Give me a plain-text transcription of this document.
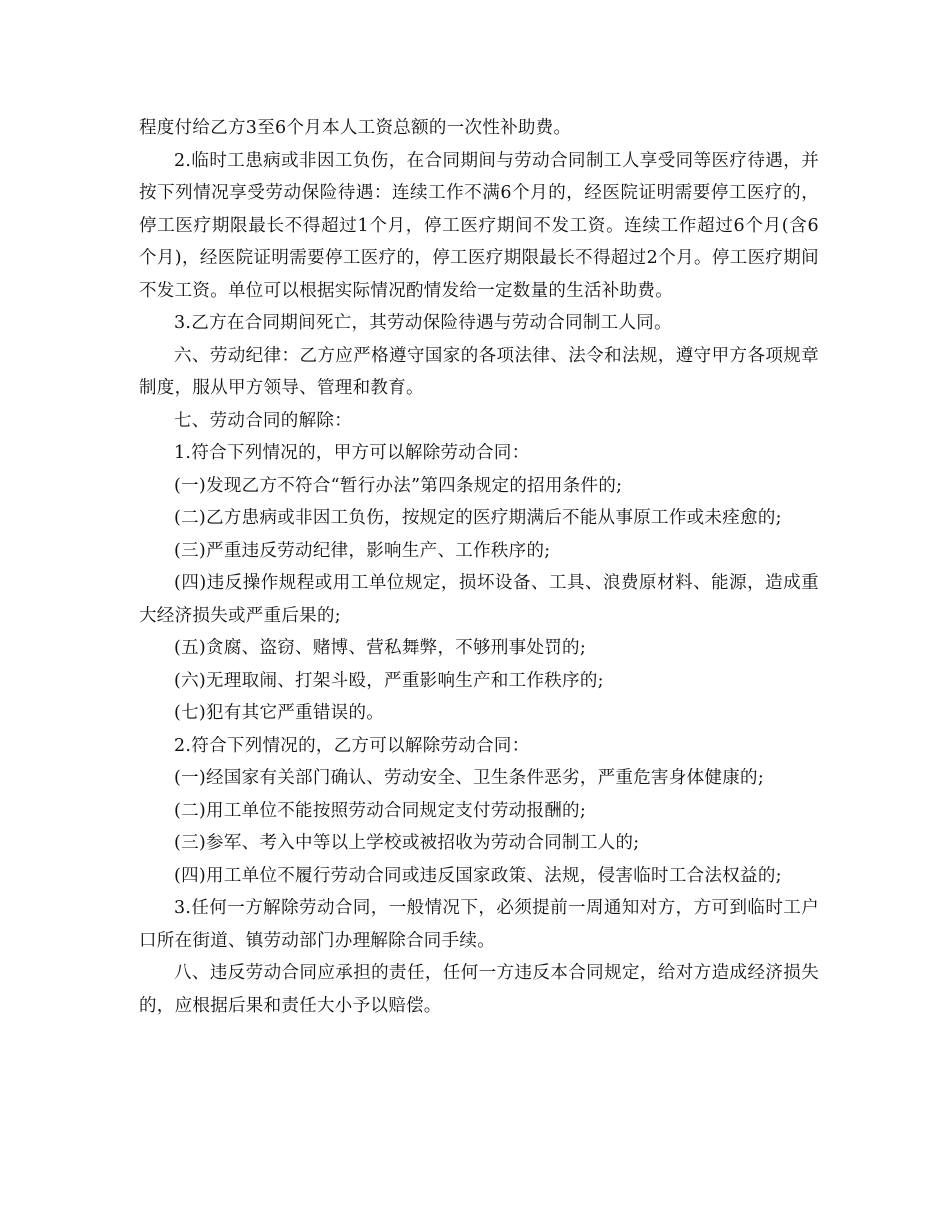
程度付给乙方3至6个月本人工资总额的一次性补助费。

2.临时工患病或非因工负伤，在合同期间与劳动合同制工人享受同等医疗待遇，并按下列情况享受劳动保险待遇：连续工作不满6个月的，经医院证明需要停工医疗的，停工医疗期限最长不得超过1个月，停工医疗期间不发工资。连续工作超过6个月(含6个月)，经医院证明需要停工医疗的，停工医疗期限最长不得超过2个月。停工医疗期间不发工资。单位可以根据实际情况酌情发给一定数量的生活补助费。

3.乙方在合同期间死亡，其劳动保险待遇与劳动合同制工人同。

六、劳动纪律：乙方应严格遵守国家的各项法律、法令和法规，遵守甲方各项规章制度，服从甲方领导、管理和教育。

七、劳动合同的解除：

1.符合下列情况的，甲方可以解除劳动合同：

(一)发现乙方不符合“暂行办法”第四条规定的招用条件的;

(二)乙方患病或非因工负伤，按规定的医疗期满后不能从事原工作或未痊愈的;

(三)严重违反劳动纪律，影响生产、工作秩序的;

(四)违反操作规程或用工单位规定，损坏设备、工具、浪费原材料、能源，造成重大经济损失或严重后果的;

(五)贪腐、盗窃、赌博、营私舞弊，不够刑事处罚的;

(六)无理取闹、打架斗殴，严重影响生产和工作秩序的;

(七)犯有其它严重错误的。

2.符合下列情况的，乙方可以解除劳动合同：

(一)经国家有关部门确认、劳动安全、卫生条件恶劣，严重危害身体健康的;

(二)用工单位不能按照劳动合同规定支付劳动报酬的;

(三)参军、考入中等以上学校或被招收为劳动合同制工人的;

(四)用工单位不履行劳动合同或违反国家政策、法规，侵害临时工合法权益的;

3.任何一方解除劳动合同，一般情况下，必须提前一周通知对方，方可到临时工户口所在街道、镇劳动部门办理解除合同手续。

八、违反劳动合同应承担的责任，任何一方违反本合同规定，给对方造成经济损失的，应根据后果和责任大小予以赔偿。
